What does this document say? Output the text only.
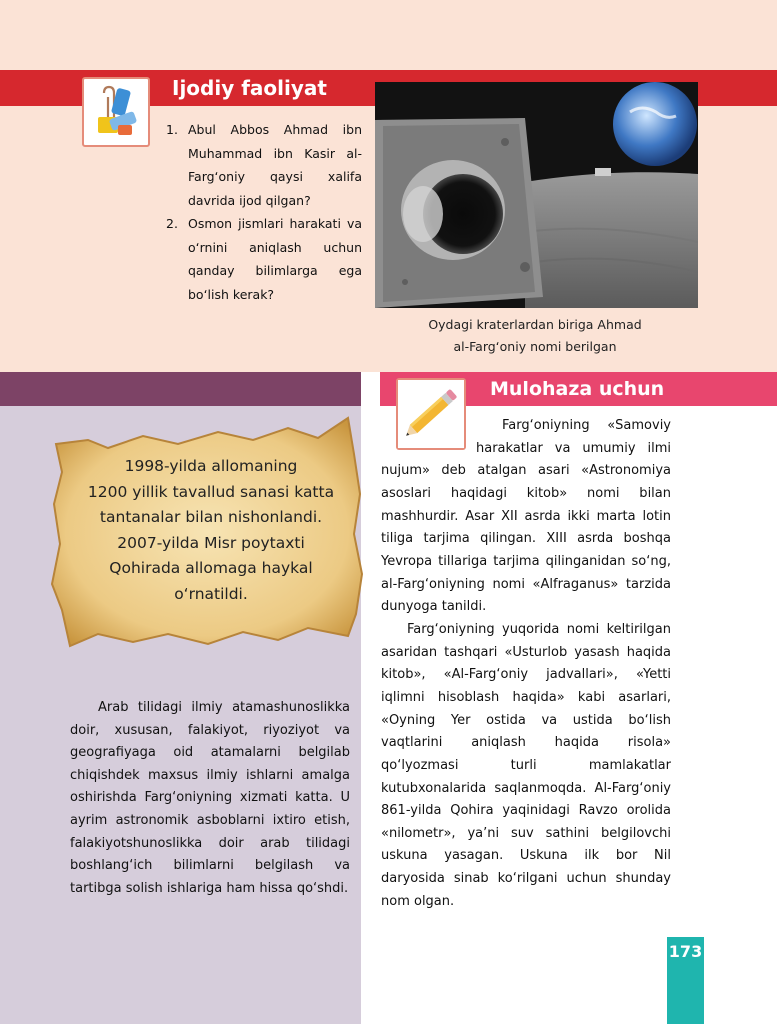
Ijodiy faoliyat
1. Abul Abbos Ahmad ibn Muhammad ibn Kasir al-Farg‘oniy qaysi xalifa davrida ijod qilgan?
2. Osmon jismlari harakati va o‘rnini aniqlash uchun qanday bilimlarga ega bo‘lish kerak?
Oydagi kraterlardan biriga Ahmad
al-Farg‘oniy nomi berilgan
1998-yilda allomaning
1200 yillik tavallud sanasi katta
tantanalar bilan nishonlandi.
2007-yilda Misr poytaxti
Qohirada allomaga haykal
o‘rnatildi.

Arab tilidagi ilmiy atamashunoslikka doir, xususan, falakiyot, riyoziyot va geografiyaga oid atamalarni belgilab chiqishdek maxsus ilmiy ishlarni amalga oshirishda Farg‘oniyning xizmati katta. U ayrim astronomik asboblarni ixtiro etish, falakiyotshunoslikka doir arab tilidagi boshlang‘ich bilimlarni belgilash va tartibga solish ishlariga ham hissa qo‘shdi.

Mulohaza uchun

Farg‘oniyning «Samoviy harakatlar va umumiy ilmi nujum» deb atalgan asari «Astronomiya asoslari haqidagi kitob» nomi bilan mashhurdir. Asar XII asrda ikki marta lotin tiliga tarjima qilingan. XIII asrda boshqa Yevropa tillariga tarjima qilinganidan so‘ng, al-Farg‘oniyning nomi «Alfraganus» tarzida dunyoga tanildi.

Farg‘oniyning yuqorida nomi keltirilgan asaridan tashqari «Usturlob yasash haqida kitob», «Al-Farg‘oniy jadvallari», «Yetti iqlimni hisoblash haqida» kabi asarlari, «Oyning Yer ostida va ustida bo‘lish vaqtlarini aniqlash haqida risola» qo‘lyozmasi turli mamlakatlar kutubxonalarida saqlanmoqda. Al-Farg‘oniy 861-yilda Qohira yaqinidagi Ravzo orolida «nilometr», ya’ni suv sathini belgilovchi uskuna yasagan. Uskuna ilk bor Nil daryosida sinab ko‘rilgani uchun shunday nom olgan.

173
